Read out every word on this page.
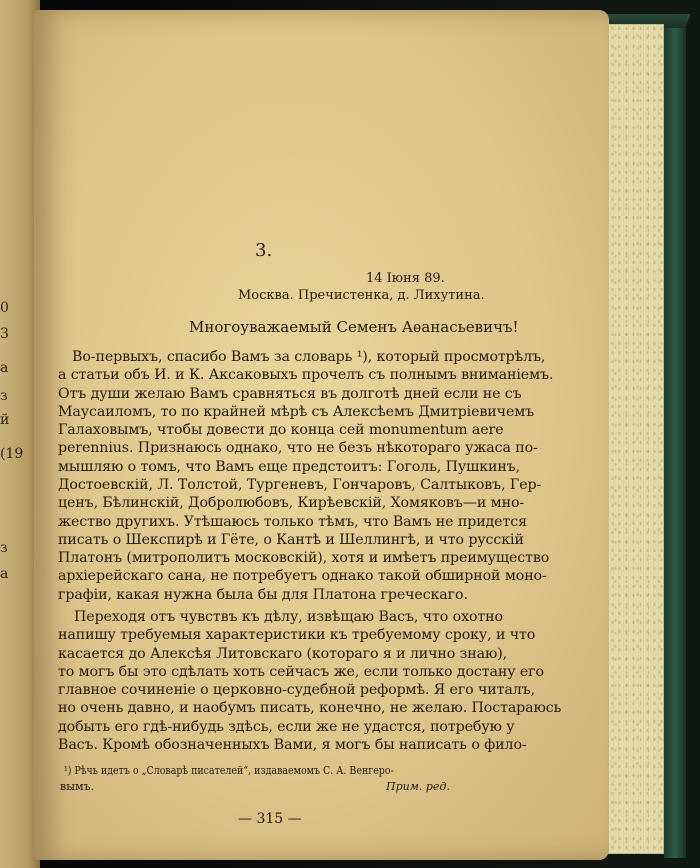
0
3
a
з
й
(19
з
а
3.
14 Іюня 89.
Москва. Пречистенка, д. Лихутина.
Многоуважаемый Семенъ Аѳанасьевичъ!
Во-первыхъ, спасибо Вамъ за словарь ¹), который просмотрѣлъ,
а статьи объ И. и К. Аксаковыхъ прочелъ съ полнымъ вниманіемъ.
Отъ души желаю Вамъ сравняться въ долготѣ дней если не съ
Маусаиломъ, то по крайней мѣрѣ съ Алексѣемъ Дмитріевичемъ
Галаховымъ, чтобы довести до конца сей monumentum aere
perennius. Признаюсь однако, что не безъ нѣкотораго ужаса по-
мышляю о томъ, что Вамъ еще предстоитъ: Гоголь, Пушкинъ,
Достоевскій, Л. Толстой, Тургеневъ, Гончаровъ, Салтыковъ, Гер-
ценъ, Бѣлинскій, Добролюбовъ, Кирѣевскій, Хомяковъ—и мно-
жество другихъ. Утѣшаюсь только тѣмъ, что Вамъ не придется
писать о Шекспирѣ и Гёте, о Кантѣ и Шеллингѣ, и что русскій
Платонъ (митрополитъ московскій), хотя и имѣетъ преимущество
архіерейскаго сана, не потребуетъ однако такой обширной моно-
графіи, какая нужна была бы для Платона греческаго.
Переходя отъ чувствъ къ дѣлу, извѣщаю Васъ, что охотно
напишу требуемыя характеристики къ требуемому сроку, и что
касается до Алексѣя Литовскаго (котораго я и лично знаю),
то могъ бы это сдѣлать хоть сейчасъ же, если только достану его
главное сочиненіе о церковно-судебной реформѣ. Я его читалъ,
но очень давно, и наобумъ писать, конечно, не желаю. Постараюсь
добыть его гдѣ-нибудь здѣсь, если же не удастся, потребую у
Васъ. Кромѣ обозначенныхъ Вами, я могъ бы написать о фило-
¹) Рѣчь идетъ о „Словарѣ писателей“, издаваемомъ С. А. Венгеро-
вымъ.	Прим. ред.
— 315 —
